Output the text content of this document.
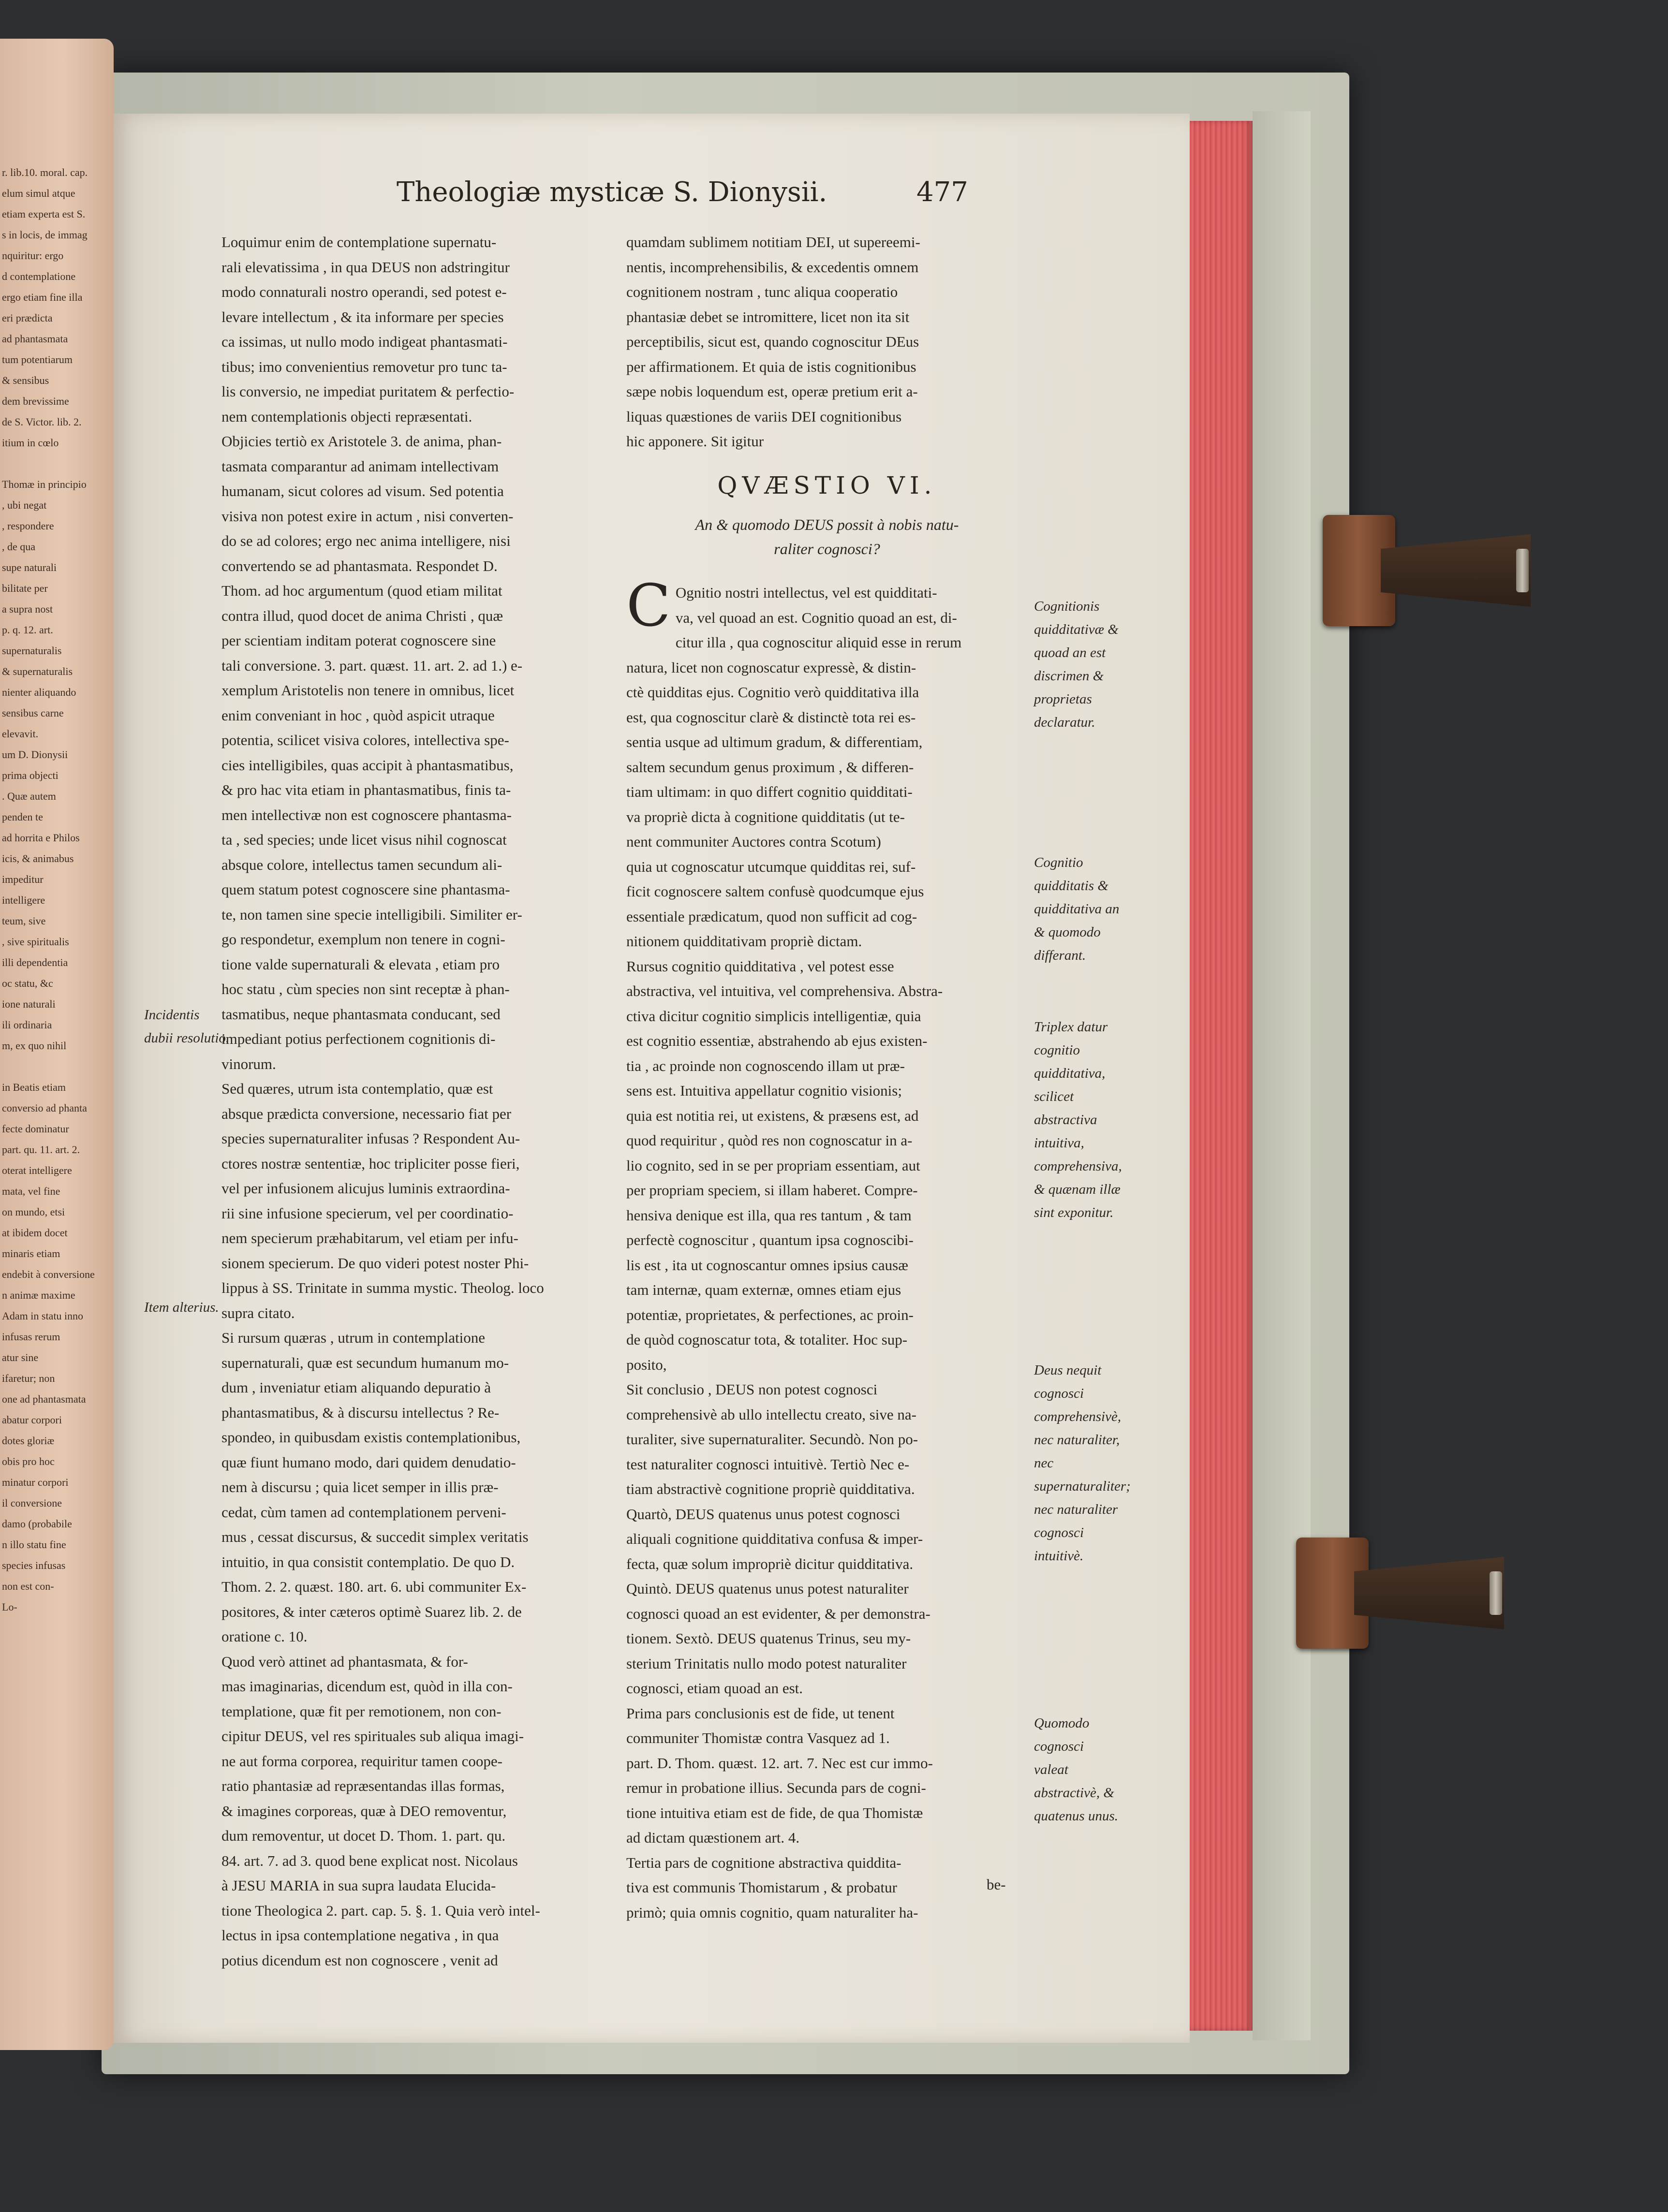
r. lib.10. moral. cap.
elum simul atque
etiam experta est S.
s in locis, de immag
nquiritur: ergo
d contemplatione
ergo etiam fine illa
eri prædicta
ad phantasmata
tum potentiarum
& sensibus
dem brevissime
de S. Victor. lib. 2.
itium in cœlo

Thomæ in principio
, ubi negat
, respondere
, de qua
supe naturali
bilitate per
a supra nost
p. q. 12. art.
supernaturalis
& supernaturalis
nienter aliquando
sensibus carne
elevavit.
um D. Dionysii
prima objecti
. Quæ autem
penden te
ad horrita e Philos
icis, & animabus
impeditur
intelligere
teum, sive
, sive spiritualis
illi dependentia
oc statu, &c
ione naturali
ili ordinaria
m, ex quo nihil

in Beatis etiam
conversio ad phanta
fecte dominatur
part. qu. 11. art. 2.
oterat intelligere
mata, vel fine
on mundo, etsi
at ibidem docet
minaris etiam
endebit à conversione
n animæ maxime
Adam in statu inno
infusas rerum
atur sine
ifaretur; non
one ad phantasmata
abatur corpori
dotes gloriæ
obis pro hoc
minatur corpori
il conversione
damo (probabile
n illo statu fine
species infusas
non est con-
Lo-
Theologiæ mysticæ S. Dionysii.	477
Loquimur enim de contemplatione supernatu-
rali elevatissima , in qua DEUS non adstringitur
modo connaturali nostro operandi, sed potest e-
levare intellectum , & ita informare per species
ca issimas, ut nullo modo indigeat phantasmati-
tibus; imo convenientius removetur pro tunc ta-
lis conversio, ne impediat puritatem & perfectio-
nem contemplationis objecti repræsentati.
Objicies tertiò ex Aristotele 3. de anima, phan-
tasmata comparantur ad animam intellectivam
humanam, sicut colores ad visum. Sed potentia
visiva non potest exire in actum , nisi converten-
do se ad colores; ergo nec anima intelligere, nisi
convertendo se ad phantasmata. Respondet D.
Thom. ad hoc argumentum (quod etiam militat
contra illud, quod docet de anima Christi , quæ
per scientiam inditam poterat cognoscere sine
tali conversione. 3. part. quæst. 11. art. 2. ad 1.) e-
xemplum Aristotelis non tenere in omnibus, licet
enim conveniant in hoc , quòd aspicit utraque
potentia, scilicet visiva colores, intellectiva spe-
cies intelligibiles, quas accipit à phantasmatibus,
& pro hac vita etiam in phantasmatibus, finis ta-
men intellectivæ non est cognoscere phantasma-
ta , sed species; unde licet visus nihil cognoscat
absque colore, intellectus tamen secundum ali-
quem statum potest cognoscere sine phantasma-
te, non tamen sine specie intelligibili. Similiter er-
go respondetur, exemplum non tenere in cogni-
tione valde supernaturali & elevata , etiam pro
hoc statu , cùm species non sint receptæ à phan-
tasmatibus, neque phantasmata conducant, sed
impediant potius perfectionem cognitionis di-
vinorum.
Sed quæres, utrum ista contemplatio, quæ est
absque prædicta conversione, necessario fiat per
species supernaturaliter infusas ? Respondent Au-
ctores nostræ sententiæ, hoc tripliciter posse fieri,
vel per infusionem alicujus luminis extraordina-
rii sine infusione specierum, vel per coordinatio-
nem specierum præhabitarum, vel etiam per infu-
sionem specierum. De quo videri potest noster Phi-
lippus à SS. Trinitate in summa mystic. Theolog. loco
supra citato.
Si rursum quæras , utrum in contemplatione
supernaturali, quæ est secundum humanum mo-
dum , inveniatur etiam aliquando depuratio à
phantasmatibus, & à discursu intellectus ? Re-
spondeo, in quibusdam existis contemplationibus,
quæ fiunt humano modo, dari quidem denudatio-
nem à discursu ; quia licet semper in illis præ-
cedat, cùm tamen ad contemplationem perveni-
mus , cessat discursus, & succedit simplex veritatis
intuitio, in qua consistit contemplatio. De quo D.
Thom. 2. 2. quæst. 180. art. 6. ubi communiter Ex-
positores, & inter cæteros optimè Suarez lib. 2. de
oratione c. 10.
Quod verò attinet ad phantasmata, & for-
mas imaginarias, dicendum est, quòd in illa con-
templatione, quæ fit per remotionem, non con-
cipitur DEUS, vel res spirituales sub aliqua imagi-
ne aut forma corporea, requiritur tamen coope-
ratio phantasiæ ad repræsentandas illas formas,
& imagines corporeas, quæ à DEO removentur,
dum removentur, ut docet D. Thom. 1. part. qu.
84. art. 7. ad 3. quod bene explicat nost. Nicolaus
à JESU MARIA in sua supra laudata Elucida-
tione Theologica 2. part. cap. 5. §. 1. Quia verò intel-
lectus in ipsa contemplatione negativa , in qua
potius dicendum est non cognoscere , venit ad
quamdam sublimem notitiam DEI, ut supereemi-
nentis, incomprehensibilis, & excedentis omnem
cognitionem nostram , tunc aliqua cooperatio
phantasiæ debet se intromittere, licet non ita sit
perceptibilis, sicut est, quando cognoscitur DEus
per affirmationem. Et quia de istis cognitionibus
sæpe nobis loquendum est, operæ pretium erit a-
liquas quæstiones de variis DEI cognitionibus
hic apponere. Sit igitur
QVÆSTIO VI.
An & quomodo DEUS possit à nobis natu-
raliter cognosci?
C Ognitio nostri intellectus, vel est quidditati-
va, vel quoad an est. Cognitio quoad an est, di-
citur illa , qua cognoscitur aliquid esse in rerum
natura, licet non cognoscatur expressè, & distin-
ctè quidditas ejus. Cognitio verò quidditativa illa
est, qua cognoscitur clarè & distinctè tota rei es-
sentia usque ad ultimum gradum, & differentiam,
saltem secundum genus proximum , & differen-
tiam ultimam: in quo differt cognitio quidditati-
va propriè dicta à cognitione quidditatis (ut te-
nent communiter Auctores contra Scotum)
quia ut cognoscatur utcumque quidditas rei, suf-
ficit cognoscere saltem confusè quodcumque ejus
essentiale prædicatum, quod non sufficit ad cog-
nitionem quidditativam propriè dictam.
Rursus cognitio quidditativa , vel potest esse
abstractiva, vel intuitiva, vel comprehensiva. Abstra-
ctiva dicitur cognitio simplicis intelligentiæ, quia
est cognitio essentiæ, abstrahendo ab ejus existen-
tia , ac proinde non cognoscendo illam ut præ-
sens est. Intuitiva appellatur cognitio visionis;
quia est notitia rei, ut existens, & præsens est, ad
quod requiritur , quòd res non cognoscatur in a-
lio cognito, sed in se per propriam essentiam, aut
per propriam speciem, si illam haberet. Compre-
hensiva denique est illa, qua res tantum , & tam
perfectè cognoscitur , quantum ipsa cognoscibi-
lis est , ita ut cognoscantur omnes ipsius causæ
tam internæ, quam externæ, omnes etiam ejus
potentiæ, proprietates, & perfectiones, ac proin-
de quòd cognoscatur tota, & totaliter. Hoc sup-
posito,
Sit conclusio , DEUS non potest cognosci
comprehensivè ab ullo intellectu creato, sive na-
turaliter, sive supernaturaliter. Secundò. Non po-
test naturaliter cognosci intuitivè. Tertiò Nec e-
tiam abstractivè cognitione propriè quidditativa.
Quartò, DEUS quatenus unus potest cognosci
aliquali cognitione quidditativa confusa & imper-
fecta, quæ solum impropriè dicitur quidditativa.
Quintò. DEUS quatenus unus potest naturaliter
cognosci quoad an est evidenter, & per demonstra-
tionem. Sextò. DEUS quatenus Trinus, seu my-
sterium Trinitatis nullo modo potest naturaliter
cognosci, etiam quoad an est.
Prima pars conclusionis est de fide, ut tenent
communiter Thomistæ contra Vasquez ad 1.
part. D. Thom. quæst. 12. art. 7. Nec est cur immo-
remur in probatione illius. Secunda pars de cogni-
tione intuitiva etiam est de fide, de qua Thomistæ
ad dictam quæstionem art. 4.
Tertia pars de cognitione abstractiva quiddita-
tiva est communis Thomistarum , & probatur
primò; quia omnis cognitio, quam naturaliter ha-
be-
Incidentis dubii resolutio.
Item alterius.
Cognitionis quidditativæ & quoad an est discrimen & proprietas declaratur.
Cognitio quidditatis & quidditativa an & quomodo differant.
Triplex datur cognitio quidditativa, scilicet abstractiva intuitiva, comprehensiva, & quænam illæ sint exponitur.
Deus nequit cognosci comprehensivè, nec naturaliter, nec supernaturaliter; nec naturaliter cognosci intuitivè.
Quomodo cognosci valeat abstractivè, & quatenus unus.
